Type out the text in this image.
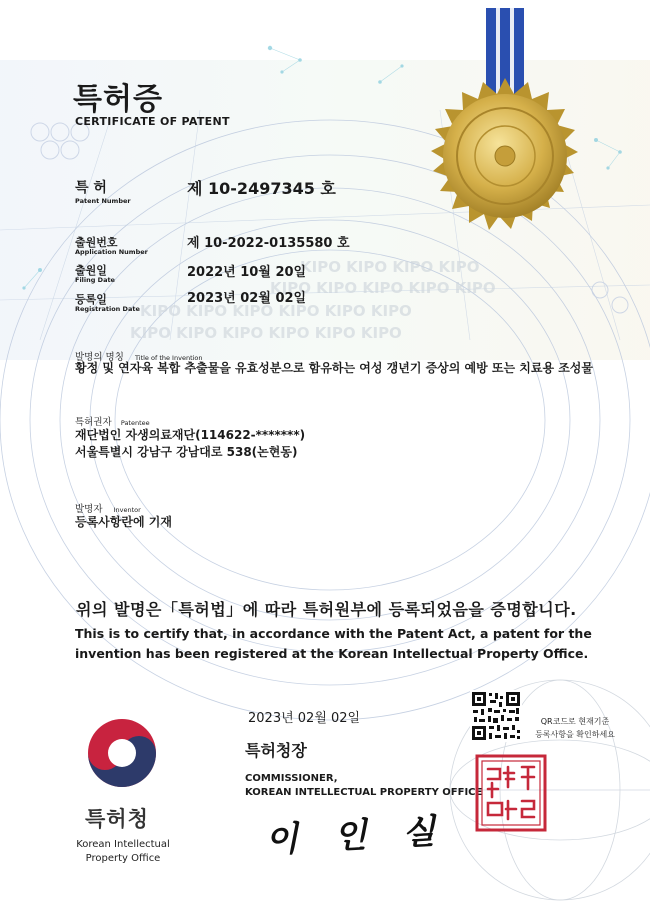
KIPO KIPO KIPO KIPO
KIPO KIPO KIPO KIPO KIPO
KIPO KIPO KIPO KIPO KIPO KIPO
KIPO KIPO KIPO KIPO KIPO KIPO
특허증
CERTIFICATE OF PATENT
특 허
Patent Number
제 10-2497345 호
출원번호
Application Number
제 10-2022-0135580 호
출원일
Filing Date	2022년 10월 20일
등록일
Registration Date
2023년 02월 02일
발명의 명칭 Title of the Invention
황정 및 연자육 복합 추출물을 유효성분으로 함유하는 여성 갱년기 증상의 예방 또는 치료용 조성물
특허권자 Patentee
재단법인 자생의료재단(114622-*******)
서울특별시 강남구 강남대로 538(논현동)
발명자 Inventor
등록사항란에 기재
위의 발명은「특허법」에 따라 특허원부에 등록되었음을 증명합니다.
This is to certify that, in accordance with the Patent Act, a patent for the invention has been registered at the Korean Intellectual Property Office.
2023년 02월 02일	QR코드로 현재기준
등록사항을 확인하세요
특허청장
COMMISSIONER,
KOREAN INTELLECTUAL PROPERTY OFFICE
이 인 실
특허청
Korean Intellectual
Property Office
